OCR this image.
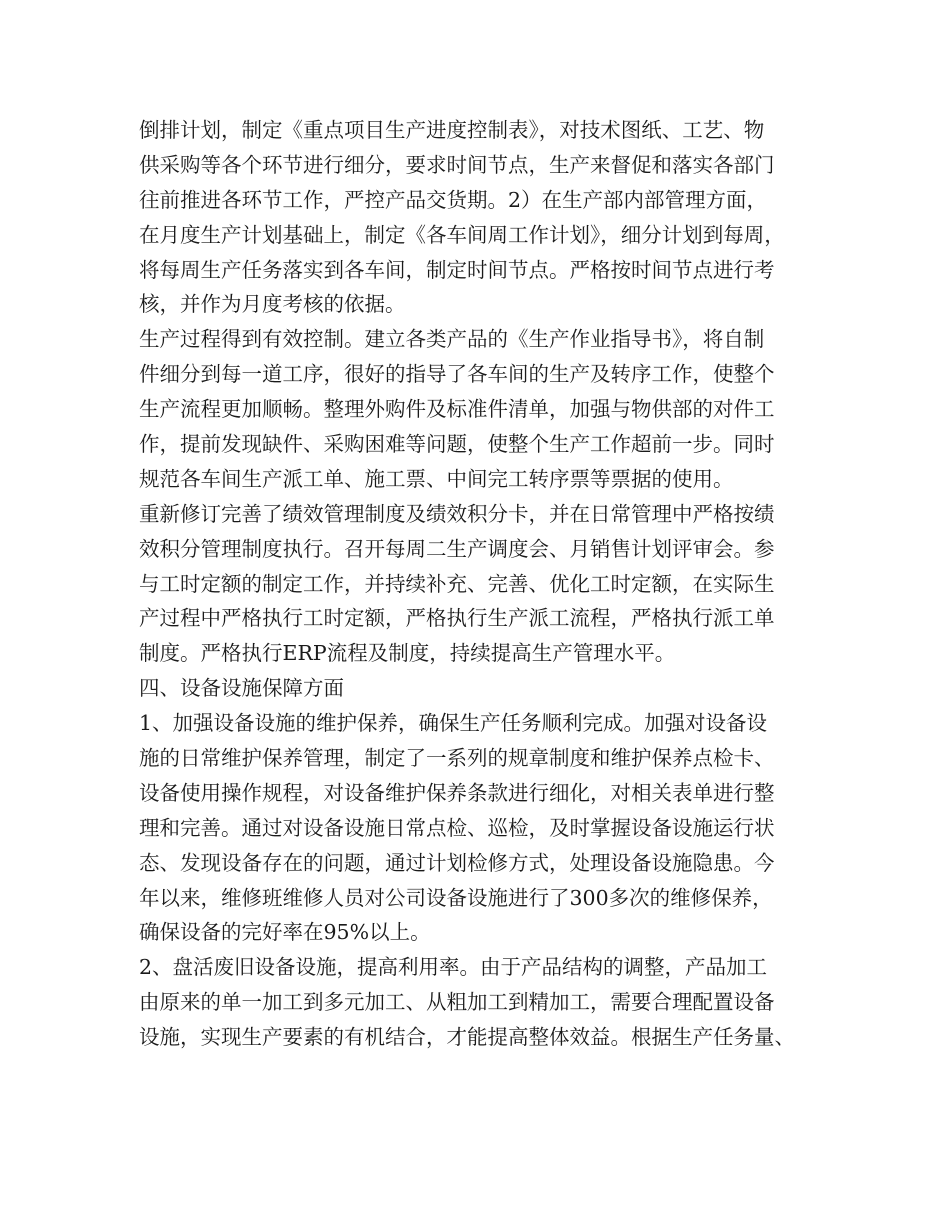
倒排计划，制定《重点项目生产进度控制表》，对技术图纸、工艺、物
供采购等各个环节进行细分，要求时间节点，生产来督促和落实各部门
往前推进各环节工作，严控产品交货期。2）在生产部内部管理方面，
在月度生产计划基础上，制定《各车间周工作计划》，细分计划到每周，
将每周生产任务落实到各车间，制定时间节点。严格按时间节点进行考
核，并作为月度考核的依据。
生产过程得到有效控制。建立各类产品的《生产作业指导书》，将自制
件细分到每一道工序，很好的指导了各车间的生产及转序工作，使整个
生产流程更加顺畅。整理外购件及标准件清单，加强与物供部的对件工
作，提前发现缺件、采购困难等问题，使整个生产工作超前一步。同时
规范各车间生产派工单、施工票、中间完工转序票等票据的使用。
重新修订完善了绩效管理制度及绩效积分卡，并在日常管理中严格按绩
效积分管理制度执行。召开每周二生产调度会、月销售计划评审会。参
与工时定额的制定工作，并持续补充、完善、优化工时定额，在实际生
产过程中严格执行工时定额，严格执行生产派工流程，严格执行派工单
制度。严格执行ERP流程及制度，持续提高生产管理水平。
四、设备设施保障方面
1、加强设备设施的维护保养，确保生产任务顺利完成。加强对设备设
施的日常维护保养管理，制定了一系列的规章制度和维护保养点检卡、
设备使用操作规程，对设备维护保养条款进行细化，对相关表单进行整
理和完善。通过对设备设施日常点检、巡检，及时掌握设备设施运行状
态、发现设备存在的问题，通过计划检修方式，处理设备设施隐患。今
年以来，维修班维修人员对公司设备设施进行了300多次的维修保养，
确保设备的完好率在95%以上。
2、盘活废旧设备设施，提高利用率。由于产品结构的调整，产品加工
由原来的单一加工到多元加工、从粗加工到精加工，需要合理配置设备
设施，实现生产要素的有机结合，才能提高整体效益。根据生产任务量、
